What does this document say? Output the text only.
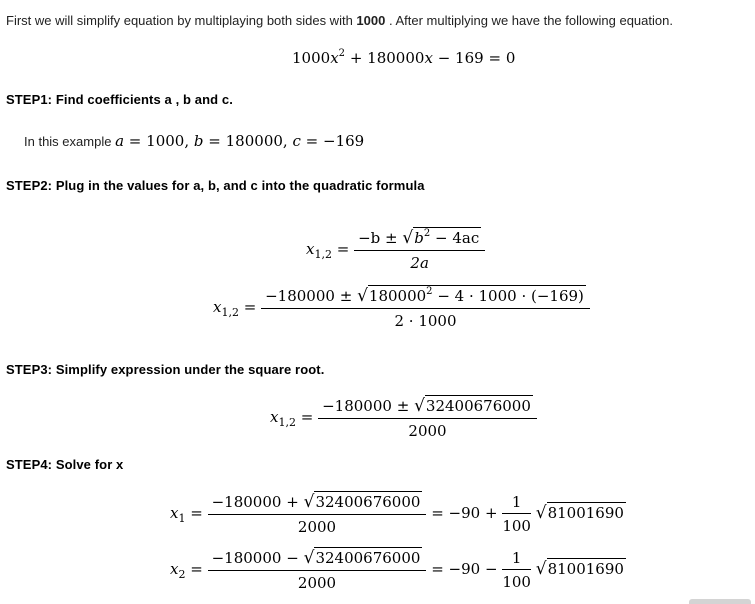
First we will simplify equation by multiplaying both sides with 1000 . After multiplying we have the following equation.
$1000x^2 + 180000x - 169 = 0$
STEP1: Find coefficients a , b and c.
In this example a = 1000, b = 180000, c = −169
STEP2: Plug in the values for a, b, and c into the quadratic formula
$x_{1,2} = \frac{-b \pm √b^2 - 4ac}{2a}$
$x_{1,2} = \frac{-180000 \pm √180000^2 - 4 \cdot 1000 \cdot (-169)}{2 \cdot 1000}$
STEP3: Simplify expression under the square root.
$x_{1,2} = \frac{-180000 \pm √32400676000}{2000}$
STEP4: Solve for x
$x_1 = \frac{-180000 + √32400676000}{2000} = -90 + \frac{1}{100} √81001690$
$x_2 = \frac{-180000 - √32400676000}{2000} = -90 - \frac{1}{100} √81001690$
